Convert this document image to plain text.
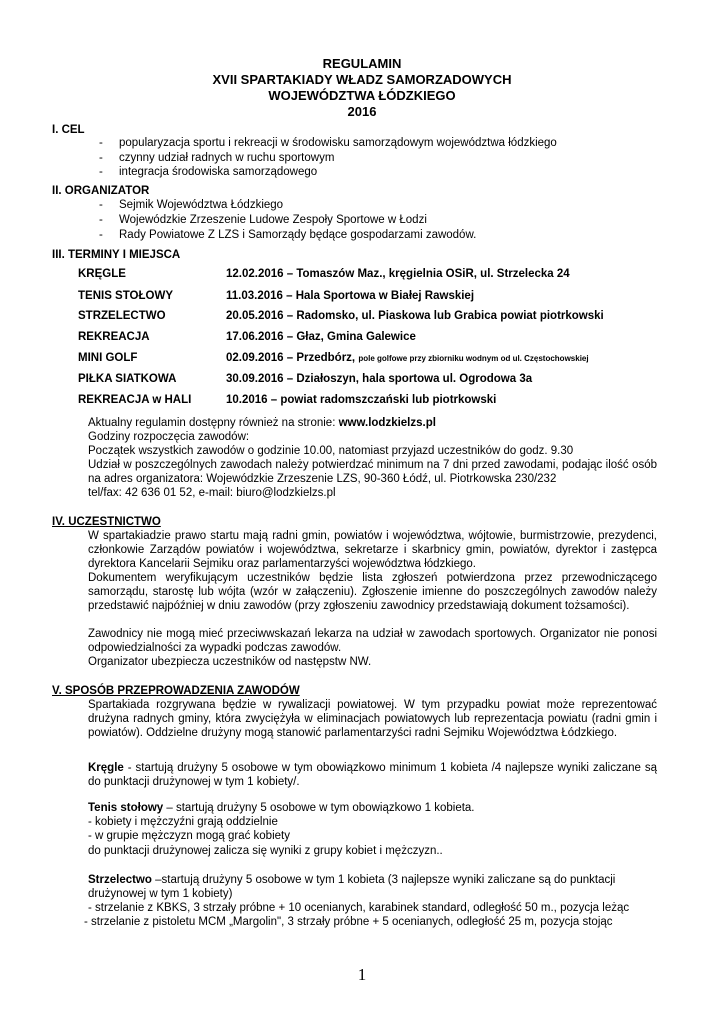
REGULAMIN
XVII SPARTAKIADY WŁADZ SAMORZADOWYCH
WOJEWÓDZTWA ŁÓDZKIEGO
2016
I. CEL
- popularyzacja sportu i rekreacji w środowisku samorządowym województwa łódzkiego
- czynny udział radnych w ruchu sportowym
- integracja środowiska samorządowego
II. ORGANIZATOR
- Sejmik Województwa Łódzkiego
- Wojewódzkie Zrzeszenie Ludowe Zespoły Sportowe w Łodzi
- Rady Powiatowe Z LZS i Samorządy będące gospodarzami zawodów.
III. TERMINY I MIEJSCA
KRĘGLE	12.02.2016 – Tomaszów Maz., kręgielnia OSiR, ul. Strzelecka 24
TENIS STOŁOWY	11.03.2016 – Hala Sportowa w Białej Rawskiej
STRZELECTWO	20.05.2016 – Radomsko, ul. Piaskowa lub Grabica powiat piotrkowski
REKREACJA	17.06.2016 – Głaz, Gmina Galewice
MINI GOLF	02.09.2016 – Przedbórz, pole golfowe przy zbiorniku wodnym od ul. Częstochowskiej
PIŁKA SIATKOWA	30.09.2016 – Działoszyn, hala sportowa ul. Ogrodowa 3a
REKREACJA w HALI	10.2016 – powiat radomszczański lub piotrkowski
Aktualny regulamin dostępny również na stronie: www.lodzkielzs.pl
Godziny rozpoczęcia zawodów:
Początek wszystkich zawodów o godzinie 10.00, natomiast przyjazd uczestników do godz. 9.30
Udział w poszczególnych zawodach należy potwierdzać minimum na 7 dni przed zawodami, podając ilość osób na adres organizatora: Wojewódzkie Zrzeszenie LZS, 90-360 Łódź, ul. Piotrkowska 230/232
tel/fax: 42 636 01 52, e-mail: biuro@lodzkielzs.pl
IV. UCZESTNICTWO
W spartakiadzie prawo startu mają radni gmin, powiatów i województwa, wójtowie, burmistrzowie, prezydenci, członkowie Zarządów powiatów i województwa, sekretarze i skarbnicy gmin, powiatów, dyrektor i zastępca dyrektora Kancelarii Sejmiku oraz parlamentarzyści województwa łódzkiego.
Dokumentem weryfikującym uczestników będzie lista zgłoszeń potwierdzona przez przewodniczącego samorządu, starostę lub wójta (wzór w załączeniu). Zgłoszenie imienne do poszczególnych zawodów należy przedstawić najpóźniej w dniu zawodów (przy zgłoszeniu zawodnicy przedstawiają dokument tożsamości).
Zawodnicy nie mogą mieć przeciwwskazań lekarza na udział w zawodach sportowych. Organizator nie ponosi odpowiedzialności za wypadki podczas zawodów.
Organizator ubezpiecza uczestników od następstw NW.
V. SPOSÓB PRZEPROWADZENIA ZAWODÓW
Spartakiada rozgrywana będzie w rywalizacji powiatowej. W tym przypadku powiat może reprezentować drużyna radnych gminy, która zwyciężyła w eliminacjach powiatowych lub reprezentacja powiatu (radni gmin i powiatów). Oddzielne drużyny mogą stanowić parlamentarzyści radni Sejmiku Województwa Łódzkiego.
Kręgle - startują drużyny 5 osobowe w tym obowiązkowo minimum 1 kobieta /4 najlepsze wyniki zaliczane są do punktacji drużynowej w tym 1 kobiety/.
Tenis stołowy – startują drużyny 5 osobowe w tym obowiązkowo 1 kobieta.
- kobiety i mężczyźni grają oddzielnie
- w grupie mężczyzn mogą grać kobiety
do punktacji drużynowej zalicza się wyniki z grupy kobiet i mężczyzn..
Strzelectwo –startują drużyny 5 osobowe w tym 1 kobieta (3 najlepsze wyniki zaliczane są do punktacji
drużynowej w tym 1 kobiety)
- strzelanie z KBKS, 3 strzały próbne + 10 ocenianych, karabinek standard, odległość 50 m., pozycja leżąc
- strzelanie z pistoletu MCM „Margolin", 3 strzały próbne + 5 ocenianych, odległość 25 m, pozycja stojąc
1
